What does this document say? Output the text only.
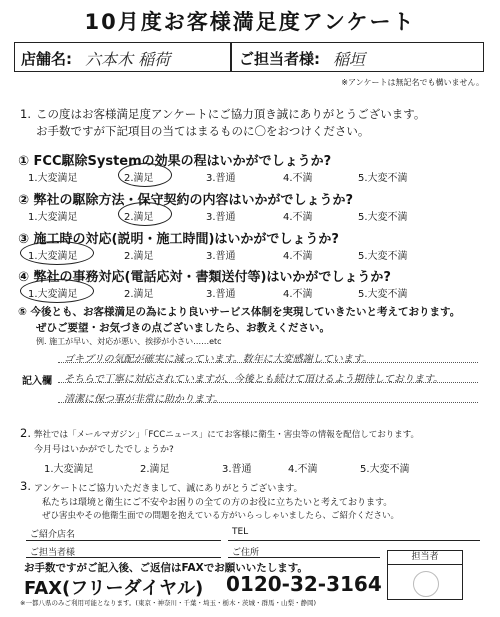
10月度お客様満足度アンケート
店舗名: 六本木 稲荷	ご担当者様: 稲垣
※アンケートは無記名でも構いません。
1. この度はお客様満足度アンケートにご協力頂き誠にありがとうございます。
お手数ですが下記項目の当てはまるものに〇をおつけください。
① FCC駆除Systemの効果の程はいかがでしょうか?
1.大変満足	2.満足	3.普通	4.不満	5.大変不満
② 弊社の駆除方法・保守契約の内容はいかがでしょうか?
1.大変満足	2.満足	3.普通	4.不満	5.大変不満
③ 施工時の対応(説明・施工時間)はいかがでしょうか?
1.大変満足	2.満足	3.普通	4.不満	5.大変不満
④ 弊社の事務対応(電話応対・書類送付等)はいかがでしょうか?
1.大変満足	2.満足	3.普通	4.不満	5.大変不満
⑤ 今後とも、お客様満足の為により良いサービス体制を実現していきたいと考えております。
ぜひご要望・お気づきの点ございましたら、お教えください。
例. 施工が早い、対応が悪い、挨拶が小さい……etc
記入欄
ゴキブリの気配が確実に減っています。数年に大変感謝しています。
そちらで丁寧に対応されていますが、今後とも続けて頂けるよう期待しております。
清潔に保つ事が非常に助かります。
2. 弊社では「メールマガジン」「FCCニュース」にてお客様に衛生・害虫等の情報を配信しております。
今月号はいかがでしたでしょうか?
1.大変満足	2.満足	3.普通	4.不満	5.大変不満
3. アンケートにご協力いただきまして、誠にありがとうございます。
私たちは環境と衛生にご不安やお困りの全ての方のお役に立ちたいと考えております。
ぜひ害虫やその他衛生面での問題を抱えている方がいらっしゃいましたら、ご紹介ください。
ご紹介店名	TEL
ご担当者様	ご住所
お手数ですがご記入後、ご返信はFAXでお願いいたします。
FAX(フリーダイヤル) 0120-32-3164
※一都八県のみご利用可能となります。(東京・神奈川・千葉・埼玉・栃木・茨城・群馬・山梨・静岡)
担当者
